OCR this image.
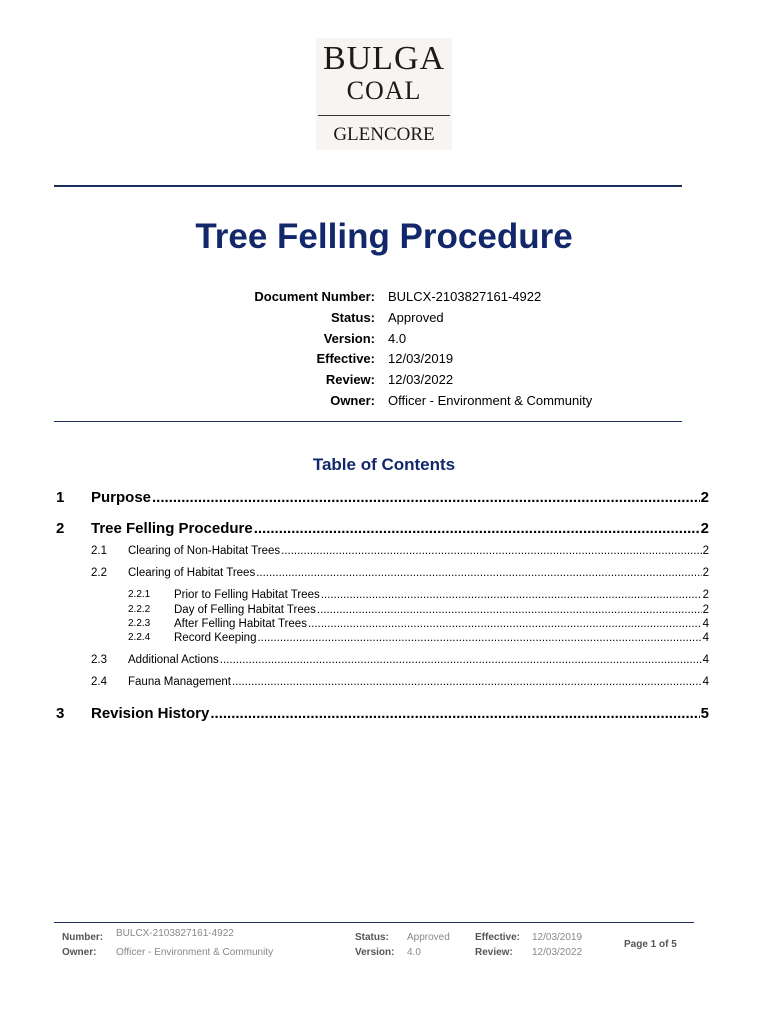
BULGA
COAL
GLENCORE
Tree Felling Procedure
Document Number: BULCX-2103827161-4922
Status: Approved
Version: 4.0
Effective: 12/03/2019
Review: 12/03/2022
Owner: Officer - Environment & Community
Table of Contents
1 Purpose .....	2
2 Tree Felling Procedure .....	2
2.1 Clearing of Non-Habitat Trees .....	2
2.2 Clearing of Habitat Trees .....	2
2.2.1 Prior to Felling Habitat Trees .....	2
2.2.2 Day of Felling Habitat Trees .....	2
2.2.3 After Felling Habitat Trees .....	4
2.2.4 Record Keeping .....	4
2.3 Additional Actions .....	4
2.4 Fauna Management .....	4
3 Revision History .....	5
Number: BULCX-2103827161-4922
Owner: Officer - Environment & Community
Status: Approved
Version: 4.0
Effective: 12/03/2019
Review: 12/03/2022
Page 1 of 5
